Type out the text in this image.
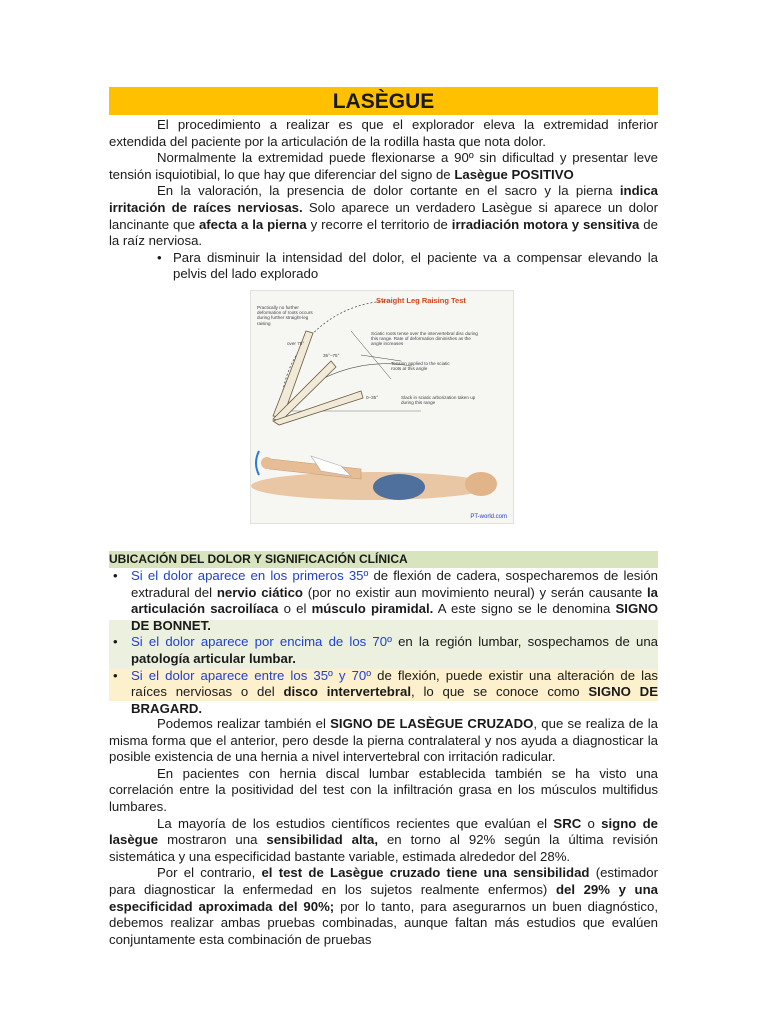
LASÈGUE

El procedimiento a realizar es que el explorador eleva la extremidad inferior extendida del paciente por la articulación de la rodilla hasta que nota dolor.

Normalmente la extremidad puede flexionarse a 90º sin dificultad y presentar leve tensión isquiotibial, lo que hay que diferenciar del signo de Lasègue POSITIVO

En la valoración, la presencia de dolor cortante en el sacro y la pierna indica irritación de raíces nerviosas. Solo aparece un verdadero Lasègue si aparece un dolor lancinante que afecta a la pierna y recorre el territorio de irradiación motora y sensitiva de la raíz nerviosa.

• Para disminuir la intensidad del dolor, el paciente va a compensar elevando la pelvis del lado explorado
Straight Leg Raising Test
Practically no further deformation of roots occurs during further straight-leg raising
Sciatic roots tense over the intervertebral disc during this range. Rate of deformation diminishes as the angle increases
Tension applied to the sciatic roots at this angle
Slack in sciatic arborization taken up during this range
over 75°
35°–75°
0–35°
PT-world.com
UBICACIÓN DEL DOLOR Y SIGNIFICACIÓN CLÍNICA
• Si el dolor aparece en los primeros 35º de flexión de cadera, sospecharemos de lesión extradural del nervio ciático (por no existir aun movimiento neural) y serán causante la articulación sacroilíaca o el músculo piramidal. A este signo se le denomina SIGNO DE BONNET.
• Si el dolor aparece por encima de los 70º en la región lumbar, sospechamos de una patología articular lumbar.
• Si el dolor aparece entre los 35º y 70º de flexión, puede existir una alteración de las raíces nerviosas o del disco intervertebral, lo que se conoce como SIGNO DE BRAGARD.

Podemos realizar también el SIGNO DE LASÈGUE CRUZADO, que se realiza de la misma forma que el anterior, pero desde la pierna contralateral y nos ayuda a diagnosticar la posible existencia de una hernia a nivel intervertebral con irritación radicular.

En pacientes con hernia discal lumbar establecida también se ha visto una correlación entre la positividad del test con la infiltración grasa en los músculos multifidus lumbares.

La mayoría de los estudios científicos recientes que evalúan el SRC o signo de lasègue mostraron una sensibilidad alta, en torno al 92% según la última revisión sistemática y una especificidad bastante variable, estimada alrededor del 28%.

Por el contrario, el test de Lasègue cruzado tiene una sensibilidad (estimador para diagnosticar la enfermedad en los sujetos realmente enfermos) del 29% y una especificidad aproximada del 90%; por lo tanto, para asegurarnos un buen diagnóstico, debemos realizar ambas pruebas combinadas, aunque faltan más estudios que evalúen conjuntamente esta combinación de pruebas
